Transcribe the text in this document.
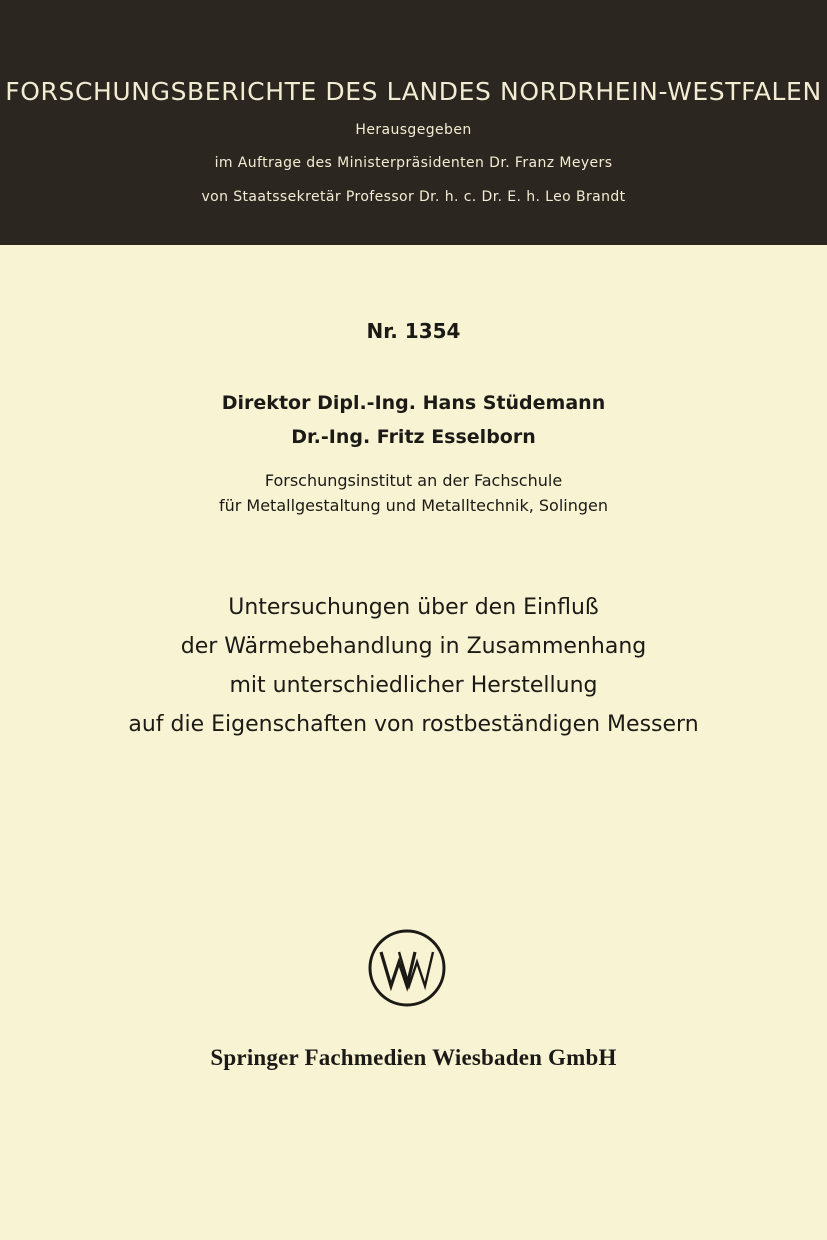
FORSCHUNGSBERICHTE DES LANDES NORDRHEIN-WESTFALEN
Herausgegeben
im Auftrage des Ministerpräsidenten Dr. Franz Meyers
von Staatssekretär Professor Dr. h. c. Dr. E. h. Leo Brandt
Nr. 1354
Direktor Dipl.-Ing. Hans Stüdemann
Dr.-Ing. Fritz Esselborn
Forschungsinstitut an der Fachschule
für Metallgestaltung und Metalltechnik, Solingen
Untersuchungen über den Einfluß
der Wärmebehandlung in Zusammenhang
mit unterschiedlicher Herstellung
auf die Eigenschaften von rostbeständigen Messern
Springer Fachmedien Wiesbaden GmbH
